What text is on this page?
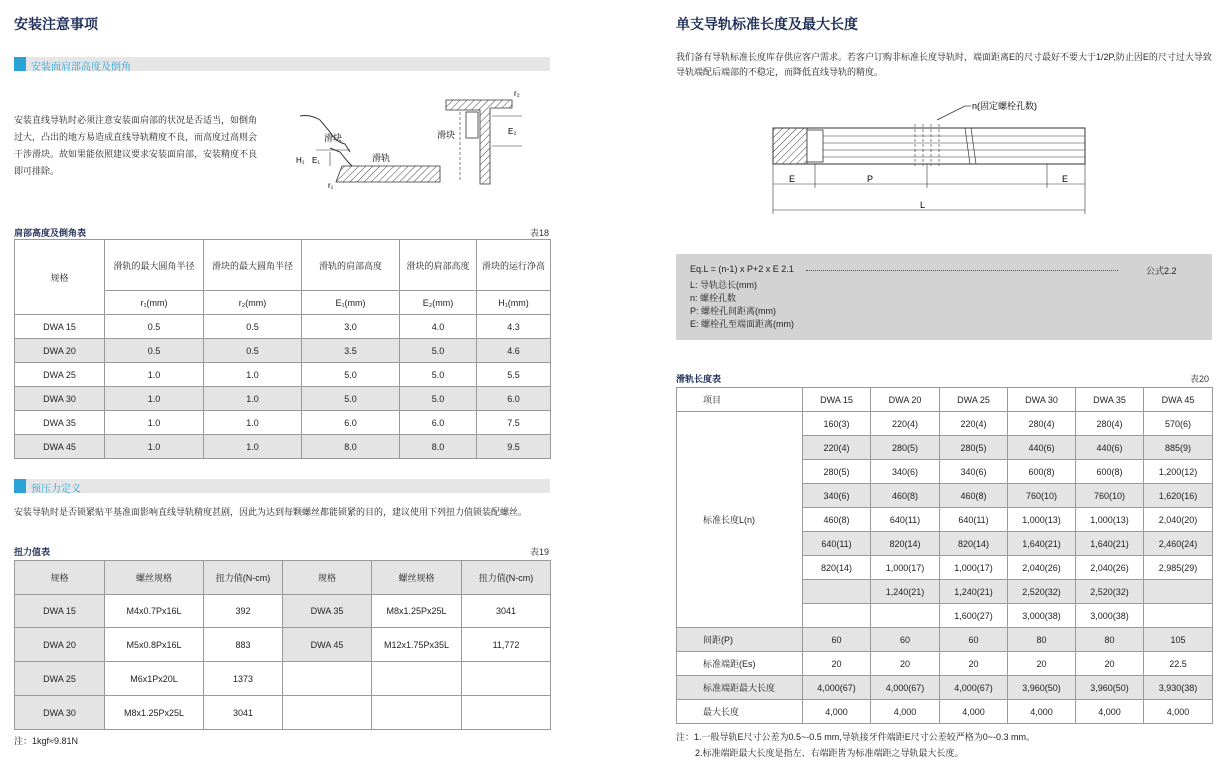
安装注意事项
安装面肩部高度及倒角
安装直线导轨时必须注意安装面肩部的状况是否适当，如倒角
过大，凸出的地方易造成直线导轨精度不良，而高度过高则会
干涉滑块。故如果能依照建议要求安装面肩部，安装精度不良
即可排除。
滑块
滑轨
H₁ E₁
r₁
滑块	E₂
r₂
肩部高度及倒角表	表18
规格	滑轨的最大圆角半径	滑块的最大圆角半径	滑轨的肩部高度	滑块的肩部高度	滑块的运行净高
	r₁(mm)	r₂(mm)	E₁(mm)	E₂(mm)	H₁(mm)
DWA 15	0.5	0.5	3.0	4.0	4.3
DWA 20	0.5	0.5	3.5	5.0	4.6
DWA 25	1.0	1.0	5.0	5.0	5.5
DWA 30	1.0	1.0	5.0	5.0	6.0
DWA 35	1.0	1.0	6.0	6.0	7.5
DWA 45	1.0	1.0	8.0	8.0	9.5
预压力定义
安装导轨时是否锁紧贴平基准面影响直线导轨精度甚剧，因此为达到每颗螺丝都能锁紧的目的，建议使用下列扭力值锁装配螺丝。
扭力值表	表19
规格	螺丝规格	扭力值(N-cm)	规格	螺丝规格	扭力值(N-cm)
DWA 15	M4x0.7Px16L	392	DWA 35	M8x1.25Px25L	3041
DWA 20	M5x0.8Px16L	883	DWA 45	M12x1.75Px35L	11,772
DWA 25	M6x1Px20L	1373			
DWA 30	M8x1.25Px25L	3041			
注：1kgf≈9.81N
单支导轨标准长度及最大长度
我们备有导轨标准长度库存供应客户需求。若客户订购非标准长度导轨时，端面距离E的尺寸最好不要大于1/2P,防止因E的尺寸过大导致
导轨端配后端部的不稳定，而降低直线导轨的精度。
n(固定螺栓孔数)
E	P	E
L
Eq.L = (n-1) x P+2 x E 2.1	公式2.2
L: 导轨总长(mm)
n: 螺栓孔数
P: 螺栓孔间距离(mm)
E: 螺栓孔至端面距离(mm)
滑轨长度表	表20
项目	DWA 15	DWA 20	DWA 25	DWA 30	DWA 35	DWA 45
标准长度L(n)	160(3)	220(4)	220(4)	280(4)	280(4)	570(6)
	220(4)	280(5)	280(5)	440(6)	440(6)	885(9)
	280(5)	340(6)	340(6)	600(8)	600(8)	1,200(12)
	340(6)	460(8)	460(8)	760(10)	760(10)	1,620(16)
	460(8)	640(11)	640(11)	1,000(13)	1,000(13)	2,040(20)
	640(11)	820(14)	820(14)	1,640(21)	1,640(21)	2,460(24)
	820(14)	1,000(17)	1,000(17)	2,040(26)	2,040(26)	2,985(29)
		1,240(21)	1,240(21)	2,520(32)	2,520(32)	
			1,600(27)	3,000(38)	3,000(38)	
间距(P)	60	60	60	80	80	105
标准端距(Es)	20	20	20	20	20	22.5
标准端距最大长度	4,000(67)	4,000(67)	4,000(67)	3,960(50)	3,960(50)	3,930(38)
最大长度	4,000	4,000	4,000	4,000	4,000	4,000
注：1.一般导轨E尺寸公差为0.5~-0.5 mm,导轨接牙件端距E尺寸公差较严格为0~-0.3 mm。
2.标准端距最大长度是指左、右端距皆为标准端距之导轨最大长度。
